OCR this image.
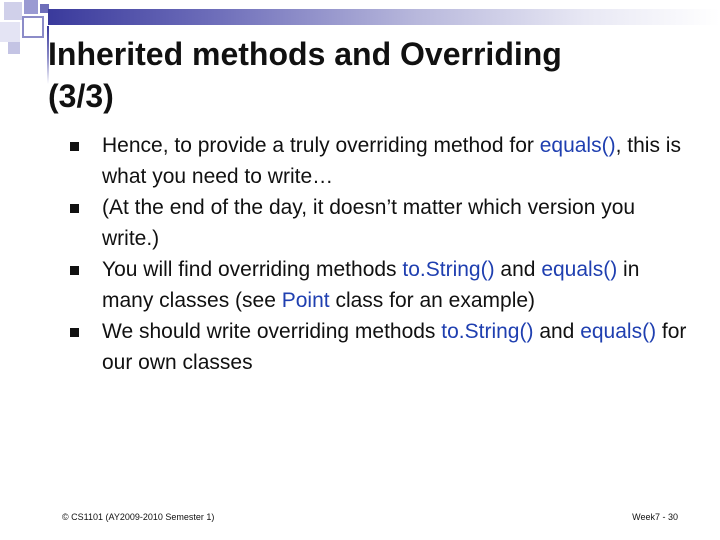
Inherited methods and Overriding
(3/3)
Hence, to provide a truly overriding method for equals(), this is what you need to write…
(At the end of the day, it doesn’t matter which version you write.)
You will find overriding methods to.String() and equals() in many classes (see Point class for an example)
We should write overriding methods to.String() and equals() for our own classes
© CS1101 (AY2009-2010 Semester 1)	Week7 - 30
